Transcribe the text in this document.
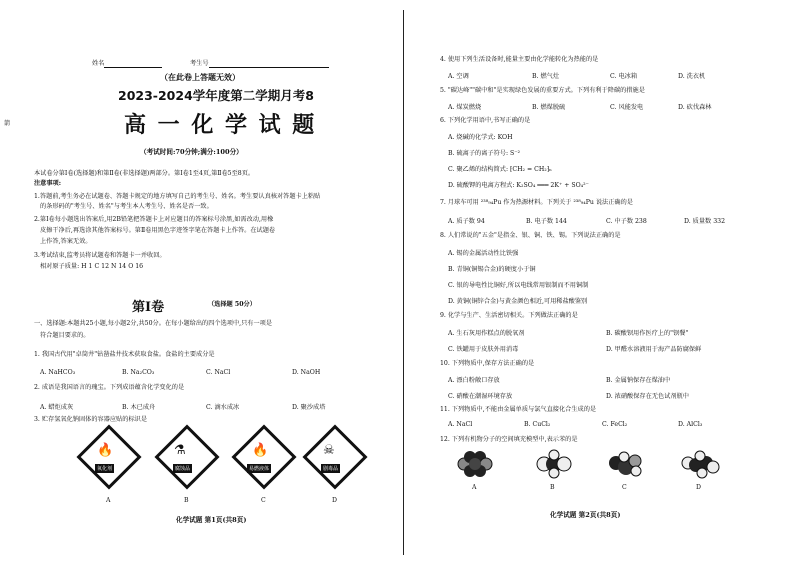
箭
姓名	考生号
（在此卷上答题无效）
2023-2024学年度第二学期月考8
高 一 化 学 试 题
（考试时间:70分钟;满分:100分）
本试卷分第Ⅰ卷(选择题)和第Ⅱ卷(非选择题)两部分。第Ⅰ卷1至4页,第Ⅱ卷5至8页。
注意事项:
1.答题前,考生务必在试题卷、答题卡规定的地方填写自己的考生号、姓名。考生要认真核对答题卡上粘贴
的条形码的"考生号、姓名"与考生本人考生号、姓名是否一致。
2.第Ⅰ卷每小题选出答案后,用2B铅笔把答题卡上对应题目的答案标号涂黑,如需改动,用橡
皮擦干净后,再选涂其他答案标号。第Ⅱ卷用黑色字迹签字笔在答题卡上作答。在试题卷
上作答,答案无效。
3.考试结束,监考员将试题卷和答题卡一并收回。
相对原子质量: H 1 C 12 N 14 O 16
第Ⅰ卷	（选择题 50分）
一、选择题:本题共25小题,每小题2分,共50分。在每小题给出的四个选项中,只有一项是
符合题目要求的。
1. 我国古代用"卓筒井"钻凿盐井技术获取食盐。食盐的主要成分是
A. NaHCO₃	B. Na₂CO₃	C. NaCl	D. NaOH
2. 成语是我国语言的瑰宝。下列成语蕴含化学变化的是
A. 蜡炬成灰	B. 木已成舟	C. 滴水成冰	D. 聚沙成塔
3. 贮存氢氧化钠固体的容器应贴的标识是
🔥
氧化剂
⚗
腐蚀品
🔥
易燃液体
☠
剧毒品
A	B	C	D
化学试题 第1页(共8页)
4. 使用下列生活设备时,能量主要由化学能转化为热能的是
A. 空调	B. 燃气灶	C. 电冰箱	D. 洗衣机
5. "碳达峰""碳中和"是实现绿色发展的重要方式。下列有利于降碳的措施是
A. 煤炭燃烧	B. 燃煤脱硫	C. 风能发电	D. 砍伐森林
6. 下列化学用语中,书写正确的是
A. 烧碱的化学式: KOH
B. 硫离子的离子符号: S⁻²
C. 聚乙烯的结构简式: ⁅CH₂ = CH₂⁆ₙ
D. 硫酸钾的电离方程式: K₂SO₄ ═══ 2K⁺ + SO₄²⁻
7. 月球车可用 ²³⁸₉₄Pu 作为热源材料。下列关于 ²³⁸₉₄Pu 说法正确的是
A. 质子数 94	B. 电子数 144	C. 中子数 238	D. 质量数 332
8. 人们常说的"五金"是指金、银、铜、铁、锡。下列说法正确的是
A. 锡的金属活动性比铁强
B. 青铜(铜锡合金)的硬度小于铜
C. 银的导电性比铜好,所以电线常用银制而不用铜制
D. 黄铜(铜锌合金)与黄金颜色相近,可用稀盐酸鉴别
9. 化学与生产、生活密切相关。下列做法正确的是
A. 生石灰用作糕点的脱氧剂	B. 碳酸钡用作医疗上的"钡餐"
C. 铁罐用于皮肤外用消毒	D. 甲醛水溶液用于海产品防腐保鲜
10. 下列物质中,保存方法正确的是
A. 漂白粉敞口存放	B. 金属钠保存在煤油中
C. 硝酸在潮湿环境存放	D. 浓硝酸保存在无色试剂瓶中
11. 下列物质中,不能由金属单质与氯气直接化合生成的是
A. NaCl	B. CuCl₂	C. FeCl₂	D. AlCl₃
12. 下列有机物分子的空间填充模型中,表示苯的是
A	B	C	D
化学试题 第2页(共8页)
